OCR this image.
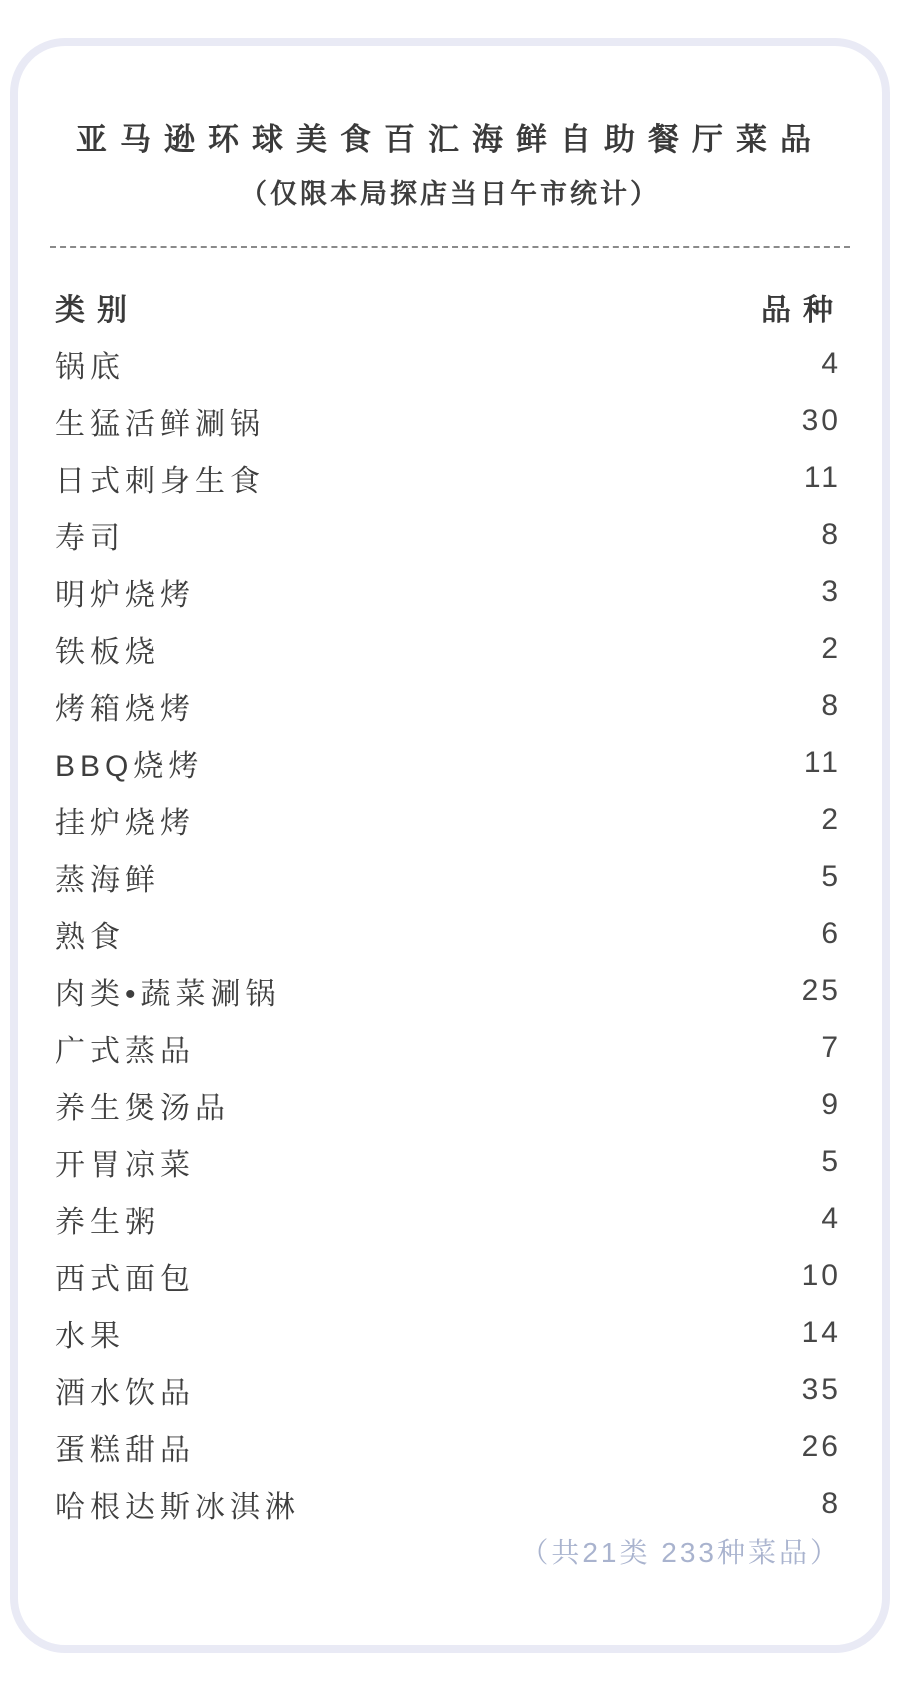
亚马逊环球美食百汇海鲜自助餐厅菜品
（仅限本局探店当日午市统计）
类别	品种
锅底	4
生猛活鲜涮锅	30
日式刺身生食	11
寿司	8
明炉烧烤	3
铁板烧	2
烤箱烧烤	8
BBQ烧烤	11
挂炉烧烤	2
蒸海鲜	5
熟食	6
肉类•蔬菜涮锅	25
广式蒸品	7
养生煲汤品	9
开胃凉菜	5
养生粥	4
西式面包	10
水果	14
酒水饮品	35
蛋糕甜品	26
哈根达斯冰淇淋	8
（共21类 233种菜品）
